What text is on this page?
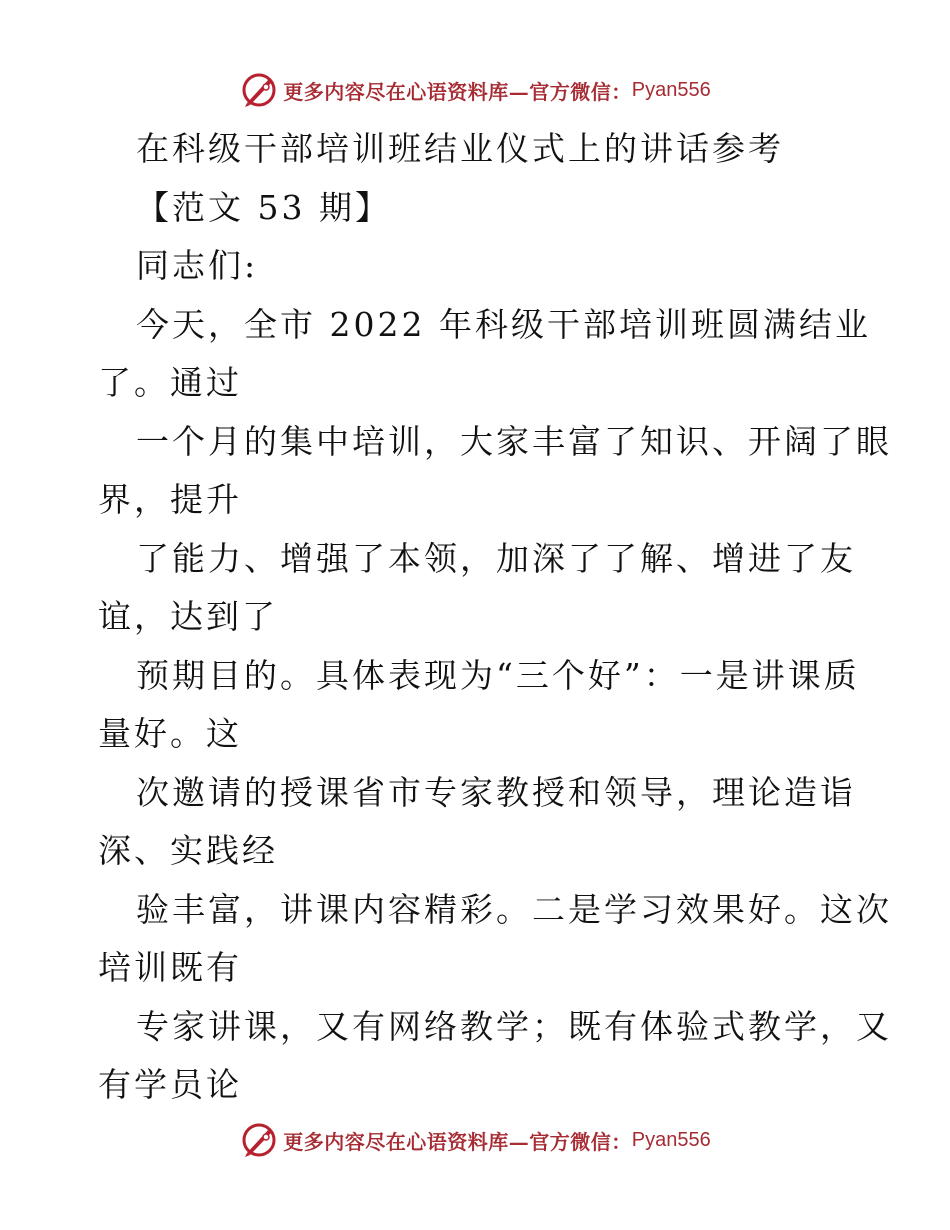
更多内容尽在心语资料库—官方微信： Pyan556
在科级干部培训班结业仪式上的讲话参考
【范文 53 期】
同志们:
今天，全市 2022 年科级干部培训班圆满结业
了。通过
一个月的集中培训，大家丰富了知识、开阔了眼
界，提升
了能力、增强了本领，加深了了解、增进了友
谊，达到了
预期目的。具体表现为“三个好”：一是讲课质
量好。这
次邀请的授课省市专家教授和领导，理论造诣
深、实践经
验丰富，讲课内容精彩。二是学习效果好。这次
培训既有
专家讲课，又有网络教学；既有体验式教学，又
有学员论
更多内容尽在心语资料库—官方微信： Pyan556
